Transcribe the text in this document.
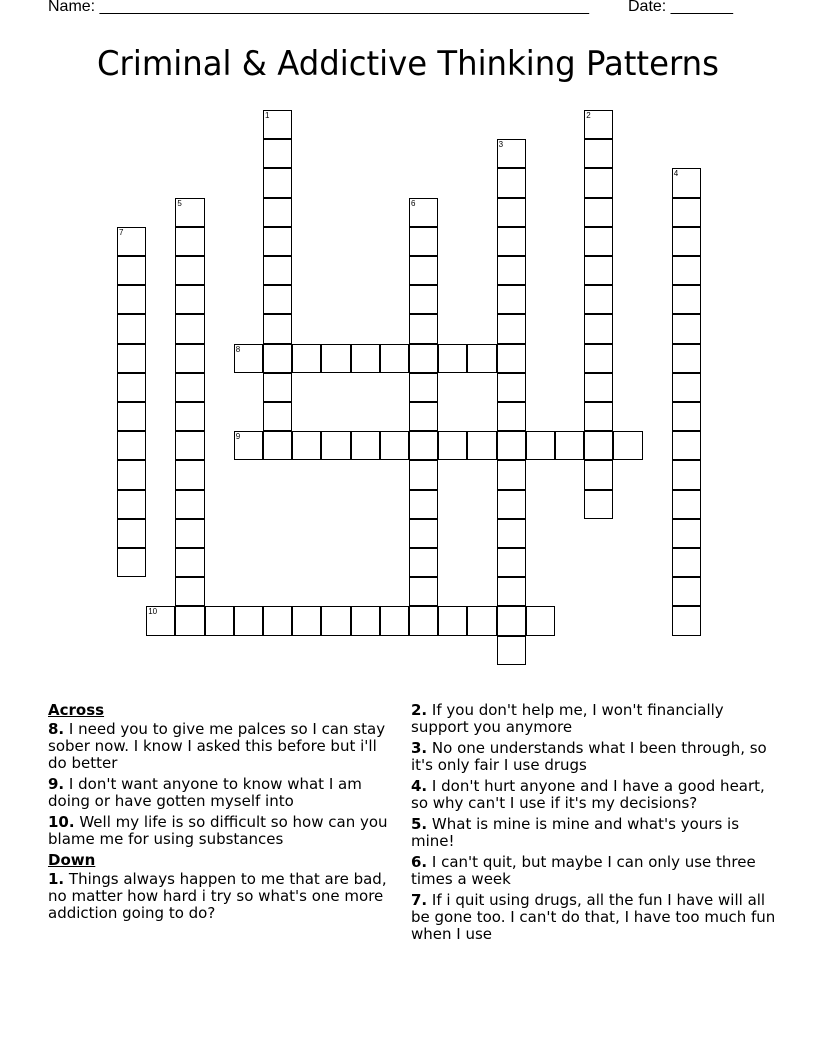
Name: _______________________________________________________ Date: _______
Criminal & Addictive Thinking Patterns
1	2
3
4
5	6
7
8
9
10
Across
8. I need you to give me palces so I can stay sober now. I know I asked this before but i'll do better
9. I don't want anyone to know what I am doing or have gotten myself into
10. Well my life is so difficult so how can you blame me for using substances
Down
1. Things always happen to me that are bad, no matter how hard i try so what's one more addiction going to do?
2. If you don't help me, I won't financially support you anymore
3. No one understands what I been through, so it's only fair I use drugs
4. I don't hurt anyone and I have a good heart, so why can't I use if it's my decisions?
5. What is mine is mine and what's yours is mine!
6. I can't quit, but maybe I can only use three times a week
7. If i quit using drugs, all the fun I have will all be gone too. I can't do that, I have too much fun when I use
